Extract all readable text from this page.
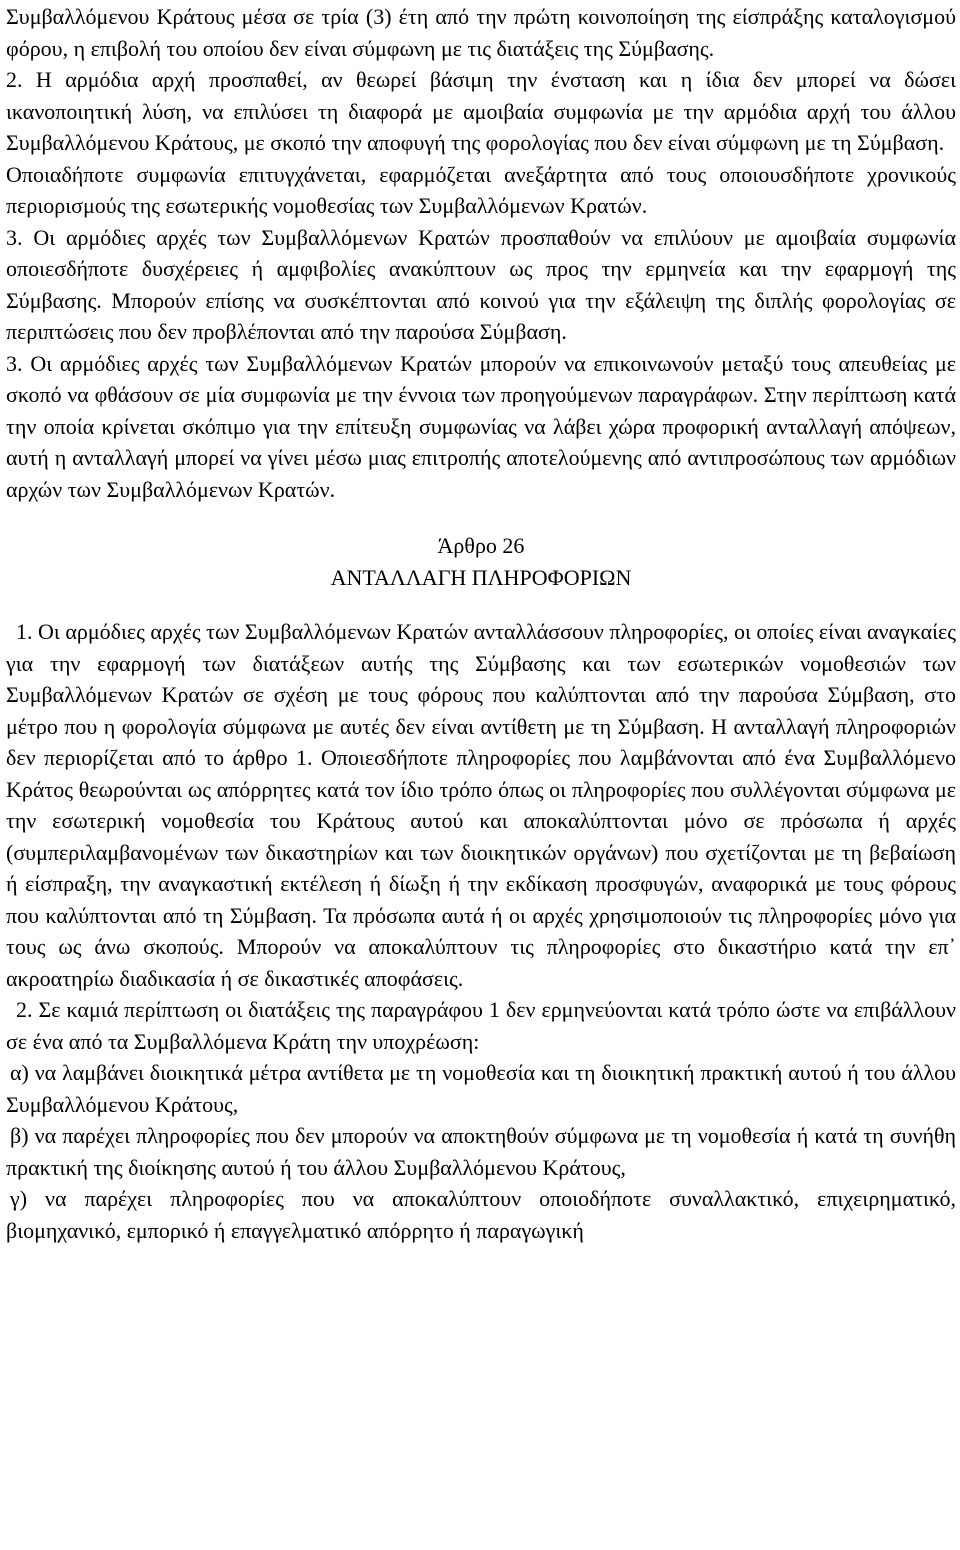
Συμβαλλόμενου Κράτους μέσα σε τρία (3) έτη από την πρώτη κοινοποίηση της είσπράξης καταλογισμού φόρου, η επιβολή του οποίου δεν είναι σύμφωνη με τις διατάξεις της Σύμβασης.

2. Η αρμόδια αρχή προσπαθεί, αν θεωρεί βάσιμη την ένσταση και η ίδια δεν μπορεί να δώσει ικανοποιητική λύση, να επιλύσει τη διαφορά με αμοιβαία συμφωνία με την αρμόδια αρχή του άλλου Συμβαλλόμενου Κράτους, με σκοπό την αποφυγή της φορολογίας που δεν είναι σύμφωνη με τη Σύμβαση.

Οποιαδήποτε συμφωνία επιτυγχάνεται, εφαρμόζεται ανεξάρτητα από τους οποιουσδήποτε χρονικούς περιορισμούς της εσωτερικής νομοθεσίας των Συμβαλλόμενων Κρατών.

3. Οι αρμόδιες αρχές των Συμβαλλόμενων Κρατών προσπαθούν να επιλύουν με αμοιβαία συμφωνία οποιεσδήποτε δυσχέρειες ή αμφιβολίες ανακύπτουν ως προς την ερμηνεία και την εφαρμογή της Σύμβασης. Μπορούν επίσης να συσκέπτονται από κοινού για την εξάλειψη της διπλής φορολογίας σε περιπτώσεις που δεν προβλέπονται από την παρούσα Σύμβαση.

3. Οι αρμόδιες αρχές των Συμβαλλόμενων Κρατών μπορούν να επικοινωνούν μεταξύ τους απευθείας με σκοπό να φθάσουν σε μία συμφωνία με την έννοια των προηγούμενων παραγράφων. Στην περίπτωση κατά την οποία κρίνεται σκόπιμο για την επίτευξη συμφωνίας να λάβει χώρα προφορική ανταλλαγή απόψεων, αυτή η ανταλλαγή μπορεί να γίνει μέσω μιας επιτροπής αποτελούμενης από αντιπροσώπους των αρμόδιων αρχών των Συμβαλλόμενων Κρατών.

Άρθρο 26
ΑΝΤΑΛΛΑΓΗ ΠΛΗΡΟΦΟΡΙΩΝ

1. Οι αρμόδιες αρχές των Συμβαλλόμενων Κρατών ανταλλάσσουν πληροφορίες, οι οποίες είναι αναγκαίες για την εφαρμογή των διατάξεων αυτής της Σύμβασης και των εσωτερικών νομοθεσιών των Συμβαλλόμενων Κρατών σε σχέση με τους φόρους που καλύπτονται από την παρούσα Σύμβαση, στο μέτρο που η φορολογία σύμφωνα με αυτές δεν είναι αντίθετη με τη Σύμβαση. Η ανταλλαγή πληροφοριών δεν περιορίζεται από το άρθρο 1. Οποιεσδήποτε πληροφορίες που λαμβάνονται από ένα Συμβαλλόμενο Κράτος θεωρούνται ως απόρρητες κατά τον ίδιο τρόπο όπως οι πληροφορίες που συλλέγονται σύμφωνα με την εσωτερική νομοθεσία του Κράτους αυτού και αποκαλύπτονται μόνο σε πρόσωπα ή αρχές (συμπεριλαμβανομένων των δικαστηρίων και των διοικητικών οργάνων) που σχετίζονται με τη βεβαίωση ή είσπραξη, την αναγκαστική εκτέλεση ή δίωξη ή την εκδίκαση προσφυγών, αναφορικά με τους φόρους που καλύπτονται από τη Σύμβαση. Τα πρόσωπα αυτά ή οι αρχές χρησιμοποιούν τις πληροφορίες μόνο για τους ως άνω σκοπούς. Μπορούν να αποκαλύπτουν τις πληροφορίες στο δικαστήριο κατά την επ᾽ ακροατηρίω διαδικασία ή σε δικαστικές αποφάσεις.

2. Σε καμιά περίπτωση οι διατάξεις της παραγράφου 1 δεν ερμηνεύονται κατά τρόπο ώστε να επιβάλλουν σε ένα από τα Συμβαλλόμενα Κράτη την υποχρέωση:

α) να λαμβάνει διοικητικά μέτρα αντίθετα με τη νομοθεσία και τη διοικητική πρακτική αυτού ή του άλλου Συμβαλλόμενου Κράτους,

β) να παρέχει πληροφορίες που δεν μπορούν να αποκτηθούν σύμφωνα με τη νομοθεσία ή κατά τη συνήθη πρακτική της διοίκησης αυτού ή του άλλου Συμβαλλόμενου Κράτους,

γ) να παρέχει πληροφορίες που να αποκαλύπτουν οποιοδήποτε συναλλακτικό, επιχειρηματικό, βιομηχανικό, εμπορικό ή επαγγελματικό απόρρητο ή παραγωγική
